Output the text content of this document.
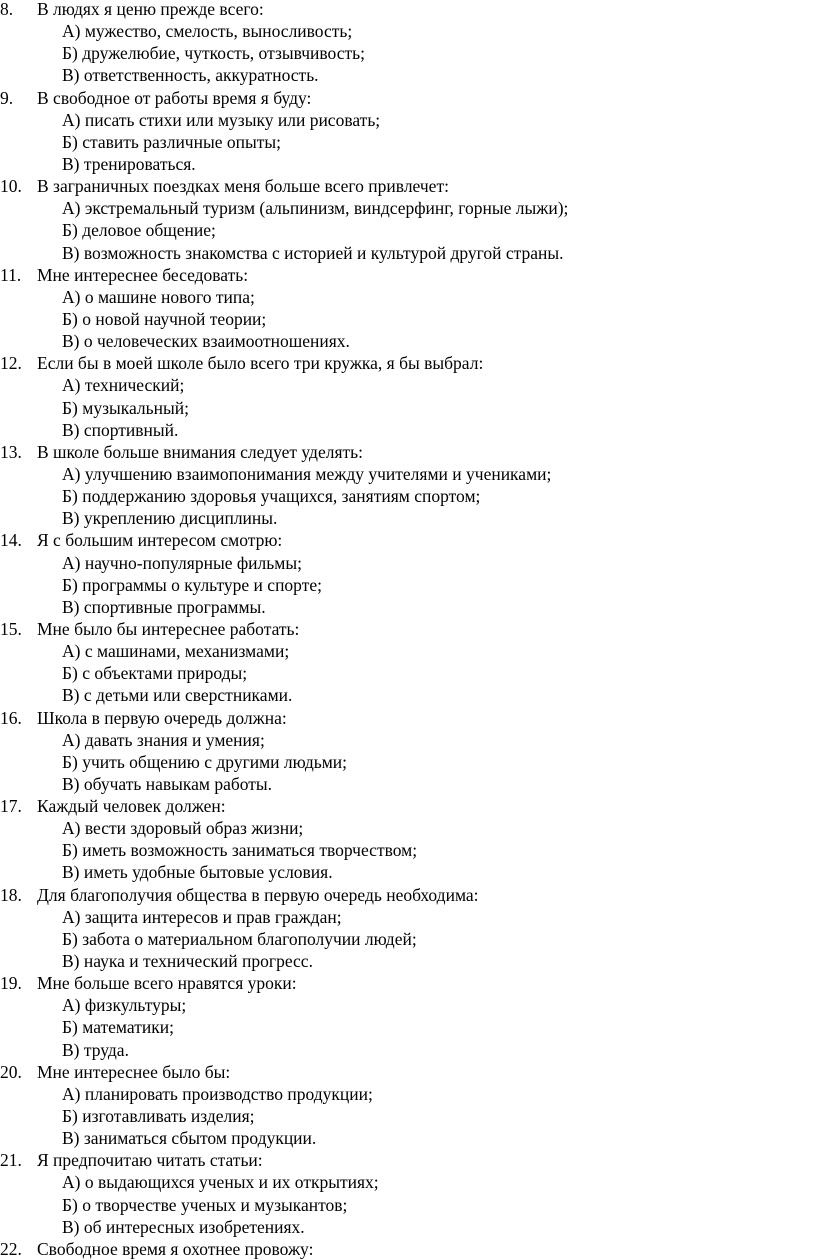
8.	В людях я ценю прежде всего:
А) мужество, смелость, выносливость;
Б) дружелюбие, чуткость, отзывчивость;
В) ответственность, аккуратность.
9.	В свободное от работы время я буду:
А) писать стихи или музыку или рисовать;
Б) ставить различные опыты;
В) тренироваться.
10. В заграничных поездках меня больше всего привлечет:
А) экстремальный туризм (альпинизм, виндсерфинг, горные лыжи);
Б) деловое общение;
В) возможность знакомства с историей и культурой другой страны.
11. Мне интереснее беседовать:
А) о машине нового типа;
Б) о новой научной теории;
В) о человеческих взаимоотношениях.
12. Если бы в моей школе было всего три кружка, я бы выбрал:
А) технический;
Б) музыкальный;
В) спортивный.
13. В школе больше внимания следует уделять:
А) улучшению взаимопонимания между учителями и учениками;
Б) поддержанию здоровья учащихся, занятиям спортом;
В) укреплению дисциплины.
14. Я с большим интересом смотрю:
А) научно-популярные фильмы;
Б) программы о культуре и спорте;
В) спортивные программы.
15. Мне было бы интереснее работать:
А) с машинами, механизмами;
Б) с объектами природы;
В) с детьми или сверстниками.
16. Школа в первую очередь должна:
А) давать знания и умения;
Б) учить общению с другими людьми;
В) обучать навыкам работы.
17. Каждый человек должен:
А) вести здоровый образ жизни;
Б) иметь возможность заниматься творчеством;
В) иметь удобные бытовые условия.
18. Для благополучия общества в первую очередь необходима:
А) защита интересов и прав граждан;
Б) забота о материальном благополучии людей;
В) наука и технический прогресс.
19. Мне больше всего нравятся уроки:
А) физкультуры;
Б) математики;
В) труда.
20. Мне интереснее было бы:
А) планировать производство продукции;
Б) изготавливать изделия;
В) заниматься сбытом продукции.
21. Я предпочитаю читать статьи:
А) о выдающихся ученых и их открытиях;
Б) о творчестве ученых и музыкантов;
В) об интересных изобретениях.
22. Свободное время я охотнее провожу:
